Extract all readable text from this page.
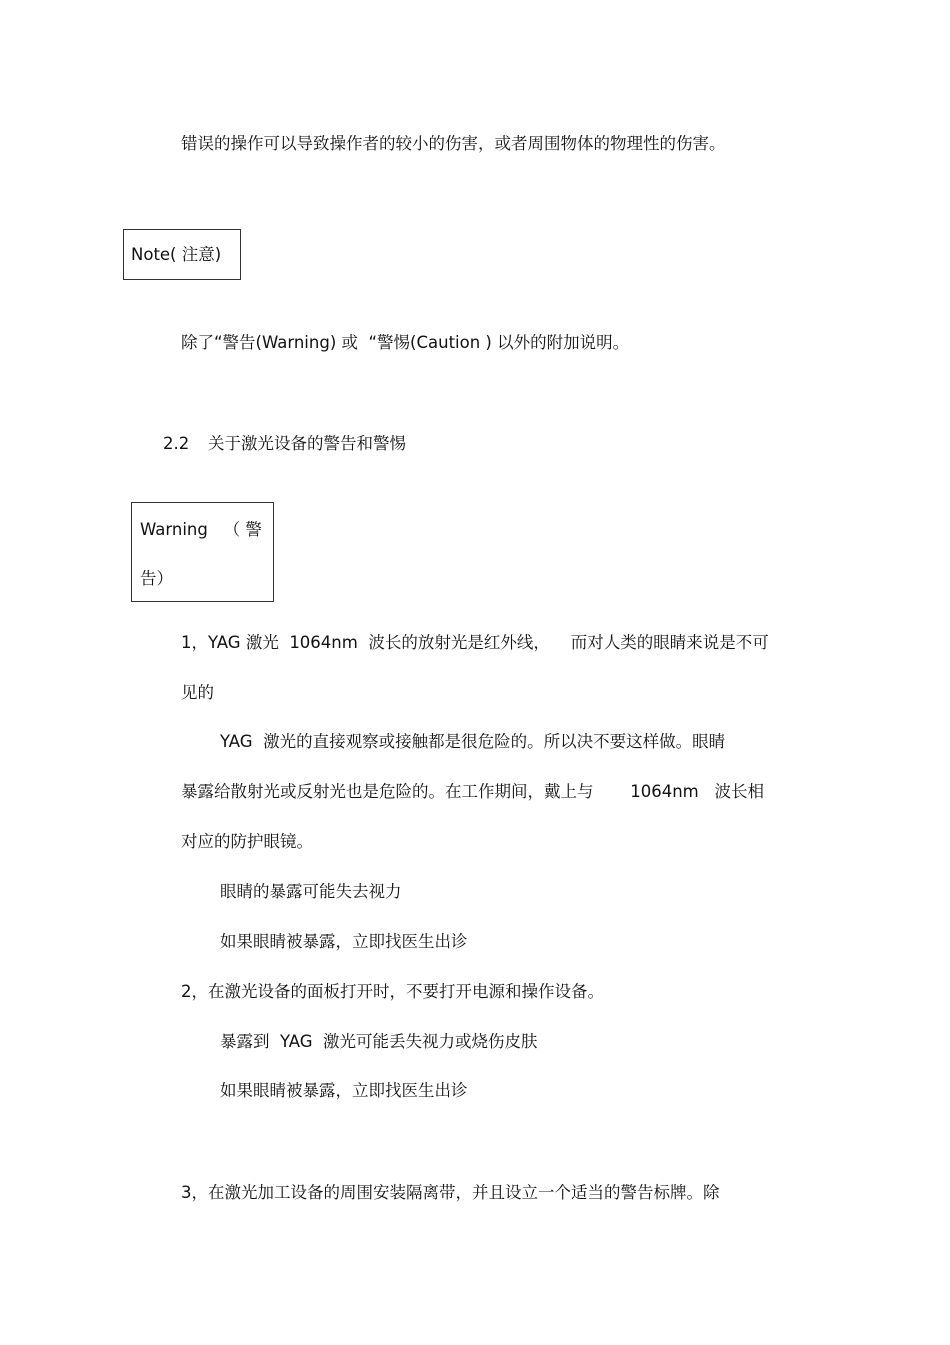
错误的操作可以导致操作者的较小的伤害，或者周围物体的物理性的伤害。
Note( 注意)
除了“警告(Warning) 或  “警惕(Caution ) 以外的附加说明。
2.2 关于激光设备的警告和警惕
Warning   （ 警
告）
1，YAG 激光  1064nm  波长的放射光是红外线，    而对人类的眼睛来说是不可
见的
YAG  激光的直接观察或接触都是很危险的。所以决不要这样做。眼睛
暴露给散射光或反射光也是危险的。在工作期间，戴上与       1064nm   波长相
对应的防护眼镜。
眼睛的暴露可能失去视力
如果眼睛被暴露，立即找医生出诊
2，在激光设备的面板打开时，不要打开电源和操作设备。
暴露到  YAG  激光可能丢失视力或烧伤皮肤
如果眼睛被暴露，立即找医生出诊
3，在激光加工设备的周围安装隔离带，并且设立一个适当的警告标牌。除
